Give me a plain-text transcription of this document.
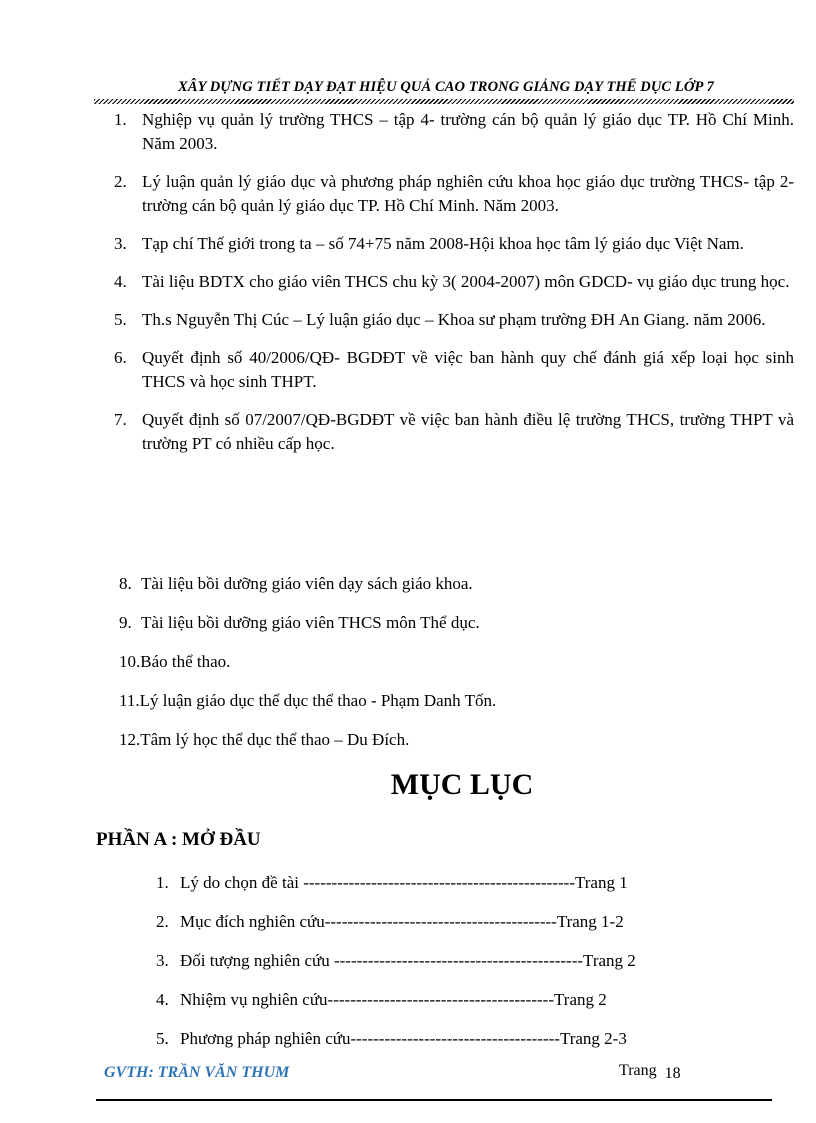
XÂY DỰNG TIẾT DẠY ĐẠT HIỆU QUẢ CAO TRONG GIẢNG DẠY THỂ DỤC LỚP 7
1. Nghiệp vụ quản lý trường THCS – tập 4- trường cán bộ quản lý giáo dục TP. Hồ Chí Minh. Năm 2003.
2. Lý luận quản lý giáo dục và phương pháp nghiên cứu khoa học giáo dục trường THCS- tập 2- trường cán bộ quản lý giáo dục TP. Hồ Chí Minh. Năm 2003.
3. Tạp chí Thế giới trong ta – số 74+75 năm 2008-Hội khoa học tâm lý giáo dục Việt Nam.
4. Tài liệu BDTX cho giáo viên THCS chu kỳ 3( 2004-2007) môn GDCD- vụ giáo dục trung học.
5. Th.s Nguyễn Thị Cúc – Lý luận giáo dục – Khoa sư phạm trường ĐH An Giang. năm 2006.
6. Quyết định số 40/2006/QĐ- BGDĐT về việc ban hành quy chế đánh giá xếp loại học sinh THCS và học sinh THPT.
7. Quyết định số 07/2007/QĐ-BGDĐT về việc ban hành điều lệ trường THCS, trường THPT và trường PT có nhiều cấp học.
8. Tài liệu bồi dưỡng giáo viên dạy sách giáo khoa.
9. Tài liệu bồi dưỡng giáo viên THCS môn Thể dục.
10.Báo thể thao.
11.Lý luận giáo dục thể dục thể thao - Phạm Danh Tốn.
12.Tâm lý học thể dục thể thao – Du Đích.
MỤC LỤC
PHẦN A : MỞ ĐẦU
1. Lý do chọn đề tài ------------------------------------------------Trang 1
2. Mục đích nghiên cứu-----------------------------------------Trang 1-2
3. Đối tượng nghiên cứu --------------------------------------------Trang 2
4. Nhiệm vụ nghiên cứu----------------------------------------Trang 2
5. Phương pháp nghiên cứu-------------------------------------Trang 2-3
GVTH: TRẦN VĂN THUM	Trang 18
